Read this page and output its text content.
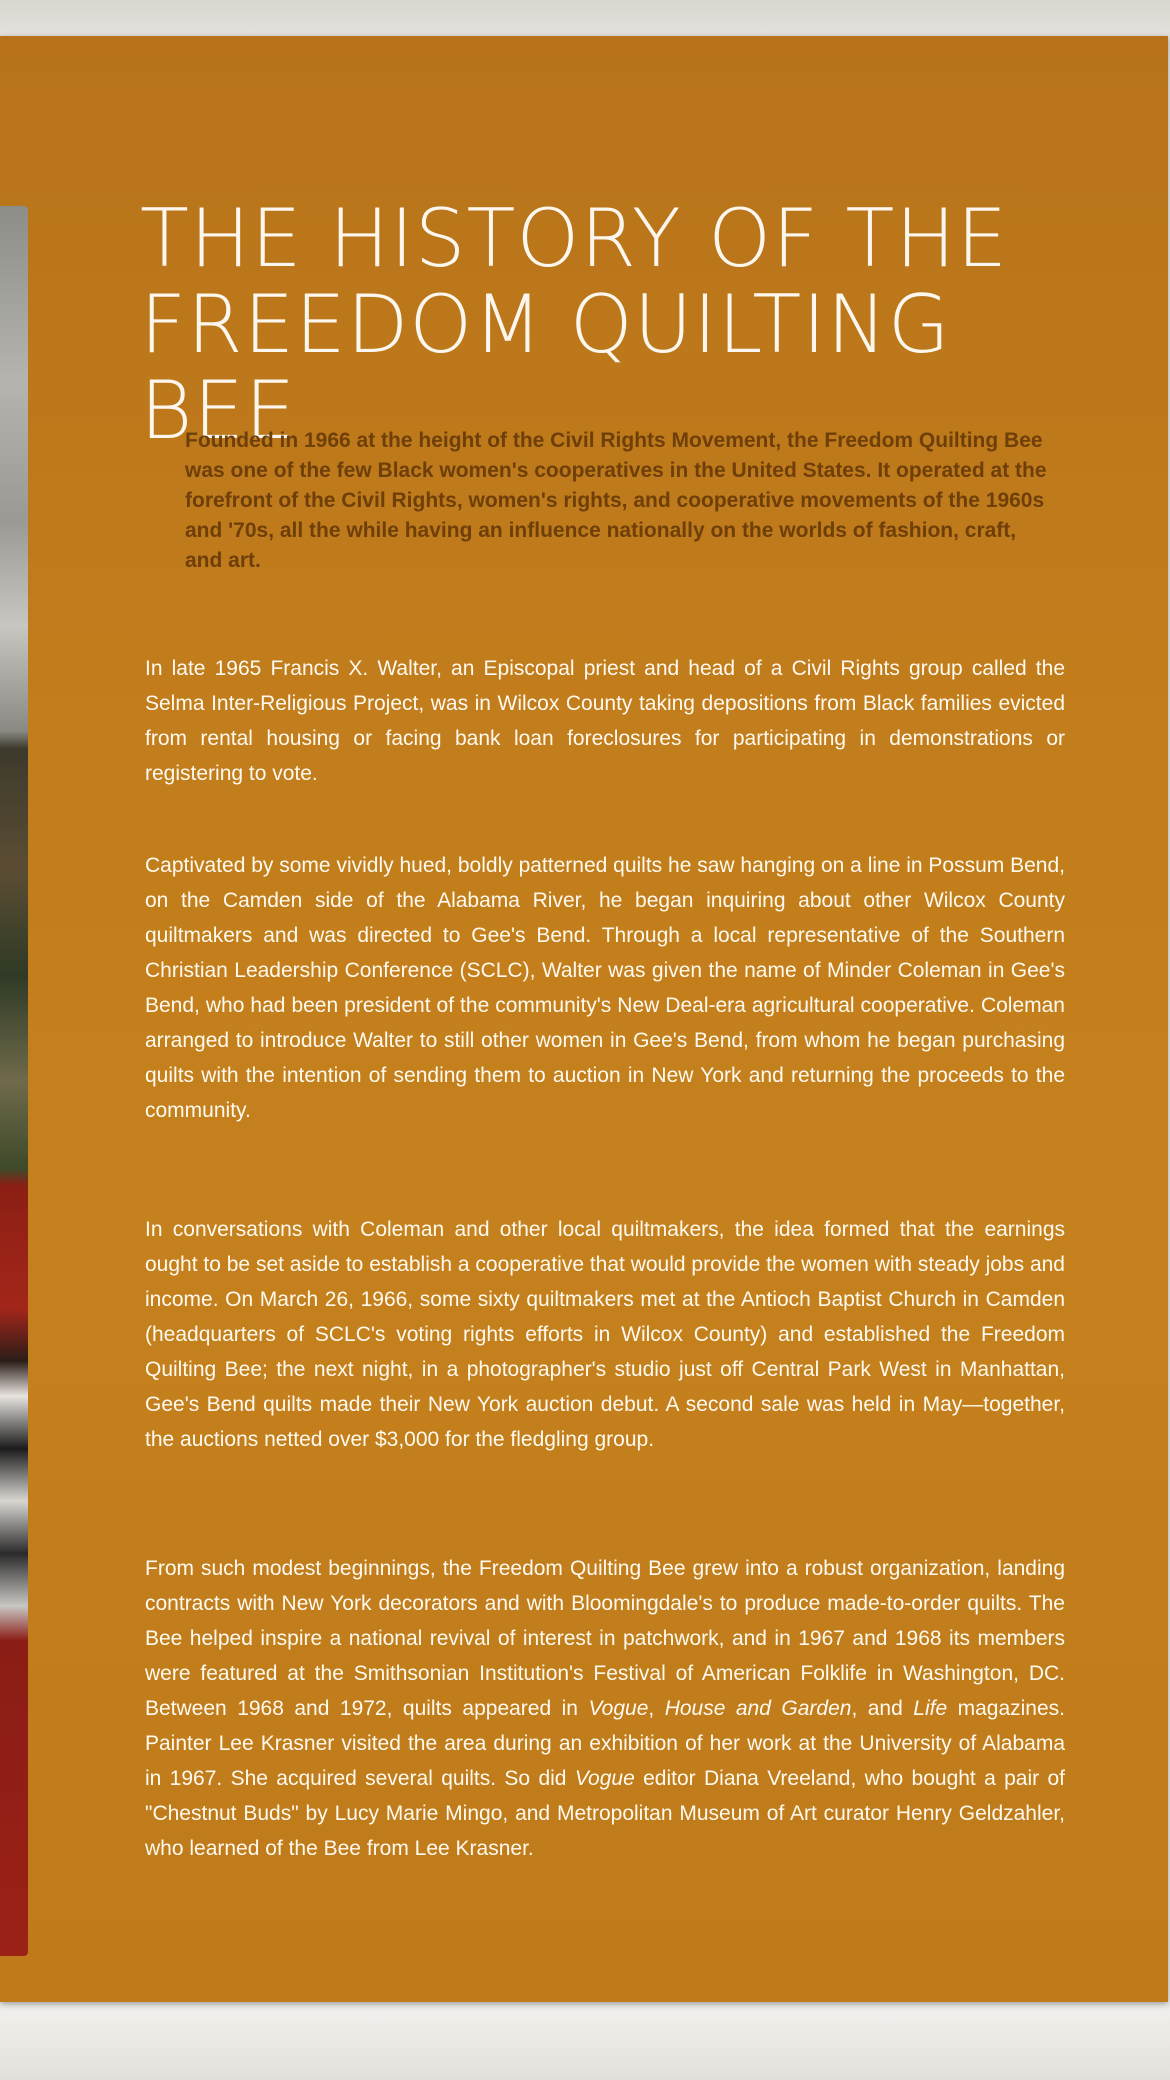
THE HISTORY OF THE
FREEDOM QUILTING BEE

Founded in 1966 at the height of the Civil Rights Movement, the Freedom Quilting Bee was one of the few Black women's cooperatives in the United States. It operated at the forefront of the Civil Rights, women's rights, and cooperative movements of the 1960s and '70s, all the while having an influence nationally on the worlds of fashion, craft, and art.

In late 1965 Francis X. Walter, an Episcopal priest and head of a Civil Rights group called the Selma Inter-Religious Project, was in Wilcox County taking depositions from Black families evicted from rental housing or facing bank loan foreclosures for participating in demonstrations or registering to vote.

Captivated by some vividly hued, boldly patterned quilts he saw hanging on a line in Possum Bend, on the Camden side of the Alabama River, he began inquiring about other Wilcox County quiltmakers and was directed to Gee's Bend. Through a local representative of the Southern Christian Leadership Conference (SCLC), Walter was given the name of Minder Coleman in Gee's Bend, who had been president of the community's New Deal-era agricultural cooperative. Coleman arranged to introduce Walter to still other women in Gee's Bend, from whom he began purchasing quilts with the intention of sending them to auction in New York and returning the proceeds to the community.

In conversations with Coleman and other local quiltmakers, the idea formed that the earnings ought to be set aside to establish a cooperative that would provide the women with steady jobs and income. On March 26, 1966, some sixty quiltmakers met at the Antioch Baptist Church in Camden (headquarters of SCLC's voting rights efforts in Wilcox County) and established the Freedom Quilting Bee; the next night, in a photographer's studio just off Central Park West in Manhattan, Gee's Bend quilts made their New York auction debut. A second sale was held in May—together, the auctions netted over $3,000 for the fledgling group.

From such modest beginnings, the Freedom Quilting Bee grew into a robust organization, landing contracts with New York decorators and with Bloomingdale's to produce made-to-order quilts. The Bee helped inspire a national revival of interest in patchwork, and in 1967 and 1968 its members were featured at the Smithsonian Institution's Festival of American Folklife in Washington, DC. Between 1968 and 1972, quilts appeared in Vogue, House and Garden, and Life magazines. Painter Lee Krasner visited the area during an exhibition of her work at the University of Alabama in 1967. She acquired several quilts. So did Vogue editor Diana Vreeland, who bought a pair of "Chestnut Buds" by Lucy Marie Mingo, and Metropolitan Museum of Art curator Henry Geldzahler, who learned of the Bee from Lee Krasner.
